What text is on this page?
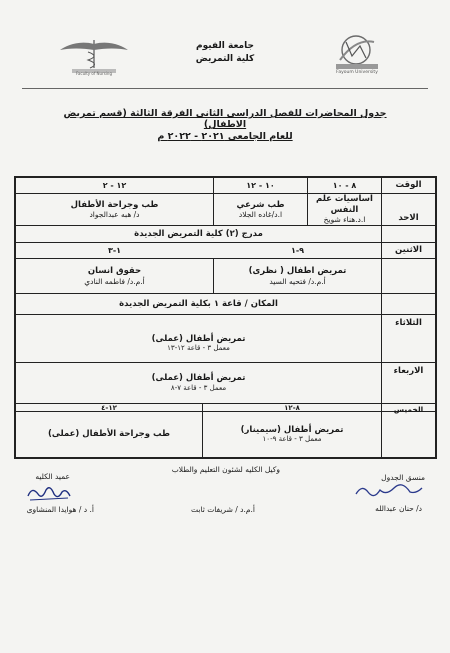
Faculty of Nursing
جامعة الفيوم
كلية التمريض
Fayoum University
جدول المحاضرات للفصل الدراسى الثانى الفرقة الثالثة (قسم تمريض الاطفال)
للعام الجامعى ٢٠٢١ - ٢٠٢٢ م
الوقت
الاحد
الاثنين
الثلاثاء
الاربعاء
الخميس
٨ - ١٠
١٠ - ١٢
١٢ - ٢
اساسيات علم النفس
ا.د.هناء شويخ
طب شرعي
ا.د/غاده الجلاد
طب وجراحة الأطفال
د/ هبه عبدالجواد
مدرج (٢) كلية التمريض الجديدة
٩-١
١-٣
تمريض اطفال ( نظرى)
أ.م.د/ فتحيه السيد
حقوق انسان
أ.م.د/ فاطمه النادي
المكان / قاعة ١ بكلية التمريض الجديدة
تمريض أطفال (عملى)
معمل ٣ - قاعة ١٢-١٣
تمريض أطفال (عملى)
معمل ٣ - قاعة ٧-٨
٨-١٢
١٢-٤
تمريض أطفال (سيمينار)
معمل ٣ - قاعة ٩-١٠
طب وجراحة الأطفال (عملى)
منسق الجدول
د/ حنان عبدالله
وكيل الكليه لشئون التعليم والطلاب
أ.م.د / شريفات ثابت
عميد الكليه
أ. د / هوايدا المنشاوى
